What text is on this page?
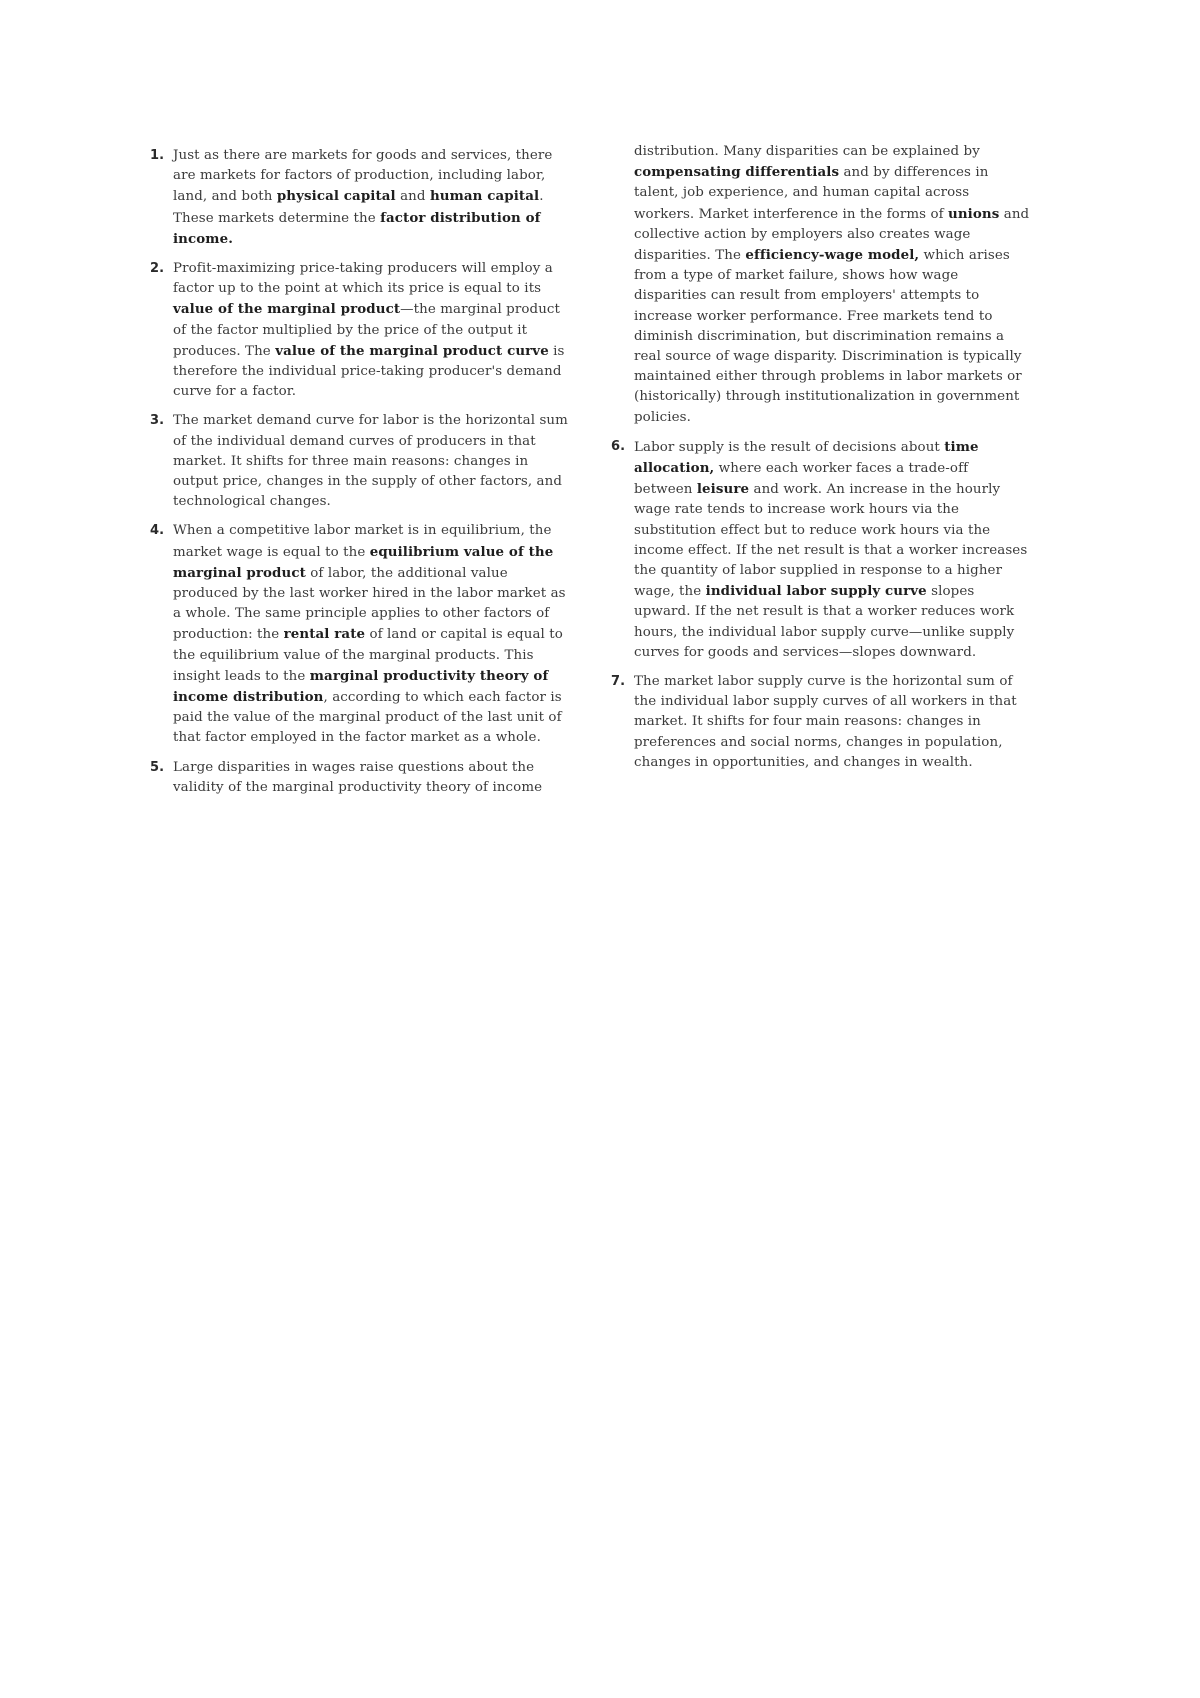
1. Just as there are markets for goods and services, there are markets for factors of production, including labor, land, and both physical capital and human capital. These markets determine the factor distribution of income.
2. Profit-maximizing price-taking producers will employ a factor up to the point at which its price is equal to its value of the marginal product—the marginal product of the factor multiplied by the price of the output it produces. The value of the marginal product curve is therefore the individual price-taking producer's demand curve for a factor.
3. The market demand curve for labor is the horizontal sum of the individual demand curves of producers in that market. It shifts for three main reasons: changes in output price, changes in the supply of other factors, and technological changes.
4. When a competitive labor market is in equilibrium, the market wage is equal to the equilibrium value of the marginal product of labor, the additional value produced by the last worker hired in the labor market as a whole. The same principle applies to other factors of production: the rental rate of land or capital is equal to the equilibrium value of the marginal products. This insight leads to the marginal productivity theory of income distribution, according to which each factor is paid the value of the marginal product of the last unit of that factor employed in the factor market as a whole.
5. Large disparities in wages raise questions about the validity of the marginal productivity theory of income
distribution. Many disparities can be explained by compensating differentials and by differences in talent, job experience, and human capital across workers. Market interference in the forms of unions and collective action by employers also creates wage disparities. The efficiency-wage model, which arises from a type of market failure, shows how wage disparities can result from employers' attempts to increase worker performance. Free markets tend to diminish discrimination, but discrimination remains a real source of wage disparity. Discrimination is typically maintained either through problems in labor markets or (historically) through institutionalization in government policies.
6. Labor supply is the result of decisions about time allocation, where each worker faces a trade-off between leisure and work. An increase in the hourly wage rate tends to increase work hours via the substitution effect but to reduce work hours via the income effect. If the net result is that a worker increases the quantity of labor supplied in response to a higher wage, the individual labor supply curve slopes upward. If the net result is that a worker reduces work hours, the individual labor supply curve—unlike supply curves for goods and services—slopes downward.
7. The market labor supply curve is the horizontal sum of the individual labor supply curves of all workers in that market. It shifts for four main reasons: changes in preferences and social norms, changes in population, changes in opportunities, and changes in wealth.
